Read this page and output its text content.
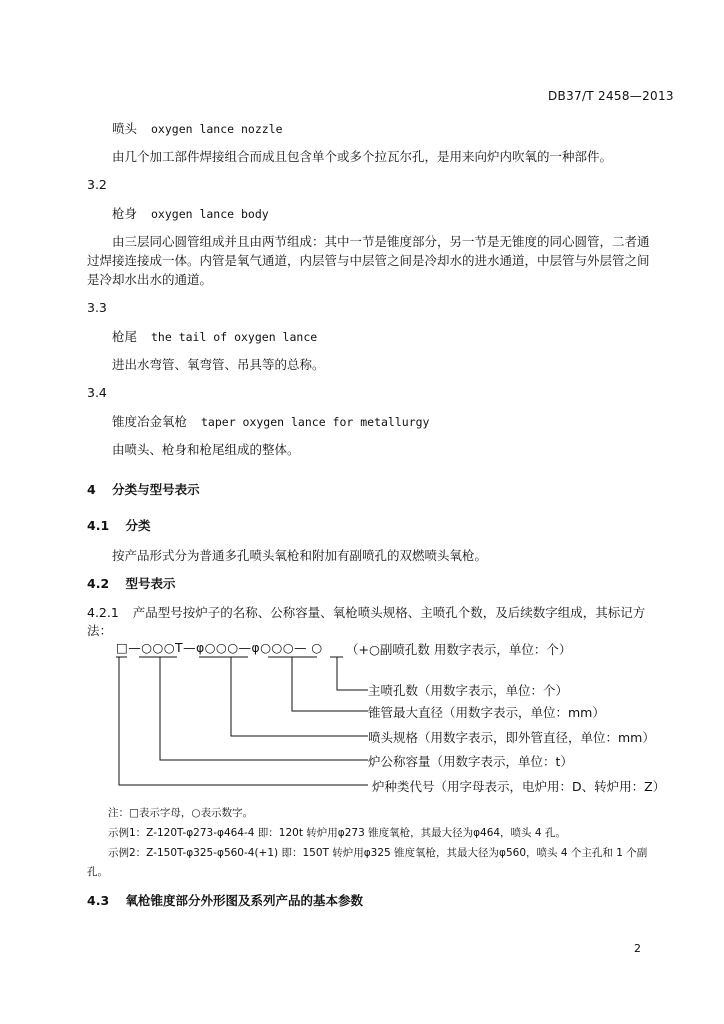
DB37/T 2458—2013
喷头 oxygen lance nozzle
由几个加工部件焊接组合而成且包含单个或多个拉瓦尔孔，是用来向炉内吹氧的一种部件。
3.2
枪身 oxygen lance body
由三层同心圆管组成并且由两节组成：其中一节是锥度部分，另一节是无锥度的同心圆管，二者通
过焊接连接成一体。内管是氧气通道，内层管与中层管之间是冷却水的进水通道，中层管与外层管之间
是冷却水出水的通道。
3.3
枪尾 the tail of oxygen lance
进出水弯管、氧弯管、吊具等的总称。
3.4
锥度冶金氧枪 taper oxygen lance for metallurgy
由喷头、枪身和枪尾组成的整体。
4 分类与型号表示
4.1 分类
按产品形式分为普通多孔喷头氧枪和附加有副喷孔的双燃喷头氧枪。
4.2 型号表示
4.2.1 产品型号按炉子的名称、公称容量、氧枪喷头规格、主喷孔个数，及后续数字组成，其标记方
法：
□—○○○T—φ○○○—φ○○○— ○ （+○副喷孔数 用数字表示，单位：个）
主喷孔数（用数字表示，单位：个）
锥管最大直径（用数字表示，单位：mm）
喷头规格（用数字表示，即外管直径，单位：mm）
炉公称容量（用数字表示，单位：t）
炉种类代号（用字母表示，电炉用：D、转炉用：Z）
注：□表示字母，○表示数字。
示例1：Z-120T-φ273-φ464-4 即：120t 转炉用φ273 锥度氧枪，其最大径为φ464，喷头 4 孔。
示例2：Z-150T-φ325-φ560-4(+1) 即：150T 转炉用φ325 锥度氧枪，其最大径为φ560，喷头 4 个主孔和 1 个副
孔。
4.3 氧枪锥度部分外形图及系列产品的基本参数
2
